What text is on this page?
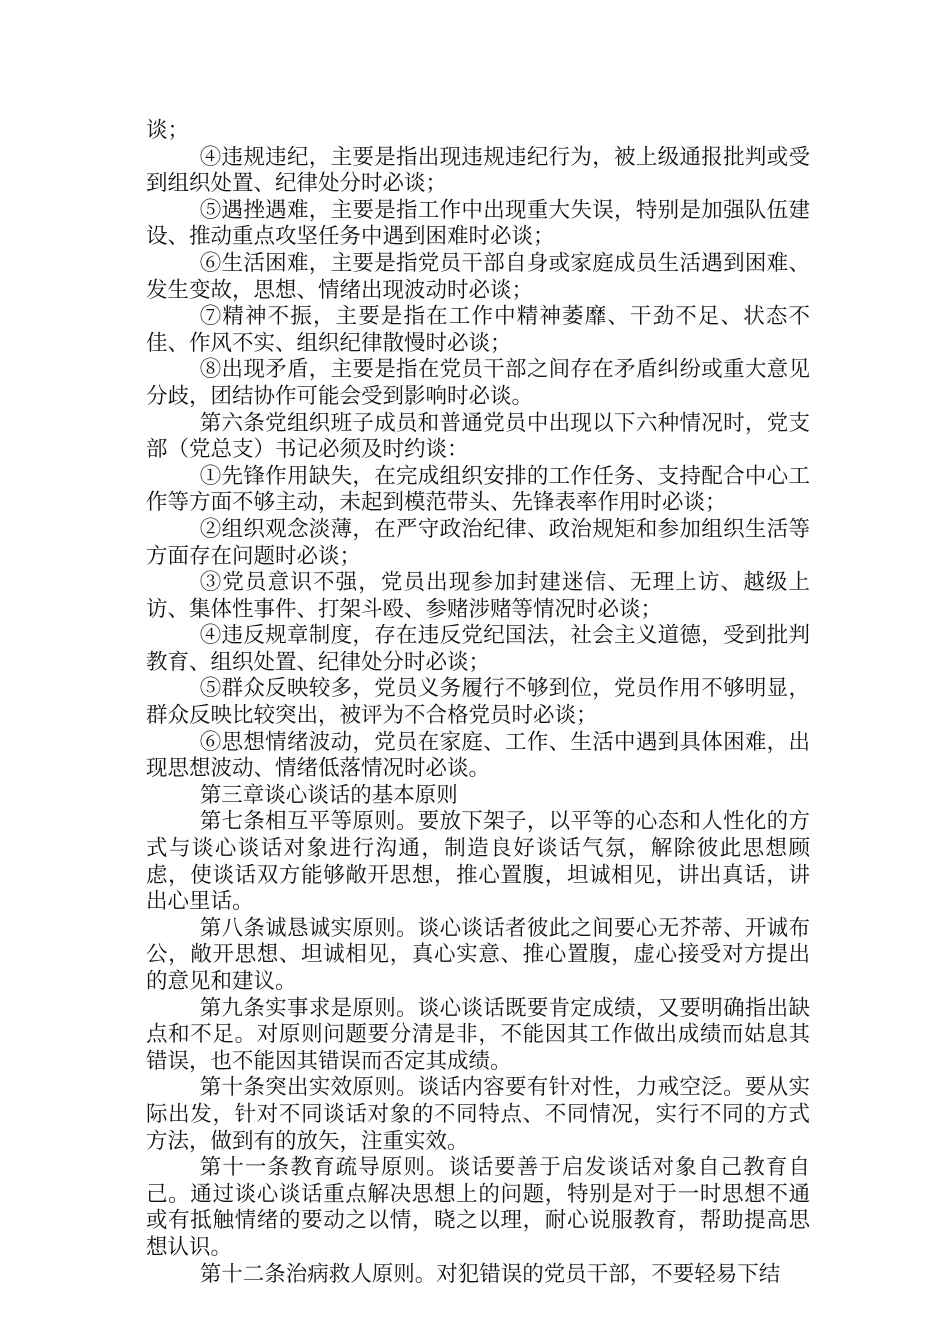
谈；

④违规违纪，主要是指出现违规违纪行为，被上级通报批判或受到组织处置、纪律处分时必谈；

⑤遇挫遇难，主要是指工作中出现重大失误，特别是加强队伍建设、推动重点攻坚任务中遇到困难时必谈；

⑥生活困难，主要是指党员干部自身或家庭成员生活遇到困难、发生变故，思想、情绪出现波动时必谈；

⑦精神不振，主要是指在工作中精神萎靡、干劲不足、状态不佳、作风不实、组织纪律散慢时必谈；

⑧出现矛盾，主要是指在党员干部之间存在矛盾纠纷或重大意见分歧，团结协作可能会受到影响时必谈。

第六条党组织班子成员和普通党员中出现以下六种情况时，党支部（党总支）书记必须及时约谈：

①先锋作用缺失，在完成组织安排的工作任务、支持配合中心工作等方面不够主动，未起到模范带头、先锋表率作用时必谈；

②组织观念淡薄，在严守政治纪律、政治规矩和参加组织生活等方面存在问题时必谈；

③党员意识不强，党员出现参加封建迷信、无理上访、越级上访、集体性事件、打架斗殴、参赌涉赌等情况时必谈；

④违反规章制度，存在违反党纪国法，社会主义道德，受到批判教育、组织处置、纪律处分时必谈；

⑤群众反映较多，党员义务履行不够到位，党员作用不够明显，群众反映比较突出，被评为不合格党员时必谈；

⑥思想情绪波动，党员在家庭、工作、生活中遇到具体困难，出现思想波动、情绪低落情况时必谈。

第三章谈心谈话的基本原则

第七条相互平等原则。要放下架子，以平等的心态和人性化的方式与谈心谈话对象进行沟通，制造良好谈话气氛，解除彼此思想顾虑，使谈话双方能够敞开思想，推心置腹，坦诚相见，讲出真话，讲出心里话。

第八条诚恳诚实原则。谈心谈话者彼此之间要心无芥蒂、开诚布公，敞开思想、坦诚相见，真心实意、推心置腹，虚心接受对方提出的意见和建议。

第九条实事求是原则。谈心谈话既要肯定成绩，又要明确指出缺点和不足。对原则问题要分清是非，不能因其工作做出成绩而姑息其错误，也不能因其错误而否定其成绩。

第十条突出实效原则。谈话内容要有针对性，力戒空泛。要从实际出发，针对不同谈话对象的不同特点、不同情况，实行不同的方式方法，做到有的放矢，注重实效。

第十一条教育疏导原则。谈话要善于启发谈话对象自己教育自己。通过谈心谈话重点解决思想上的问题，特别是对于一时思想不通或有抵触情绪的要动之以情，晓之以理，耐心说服教育，帮助提高思想认识。

第十二条治病救人原则。对犯错误的党员干部，不要轻易下结
